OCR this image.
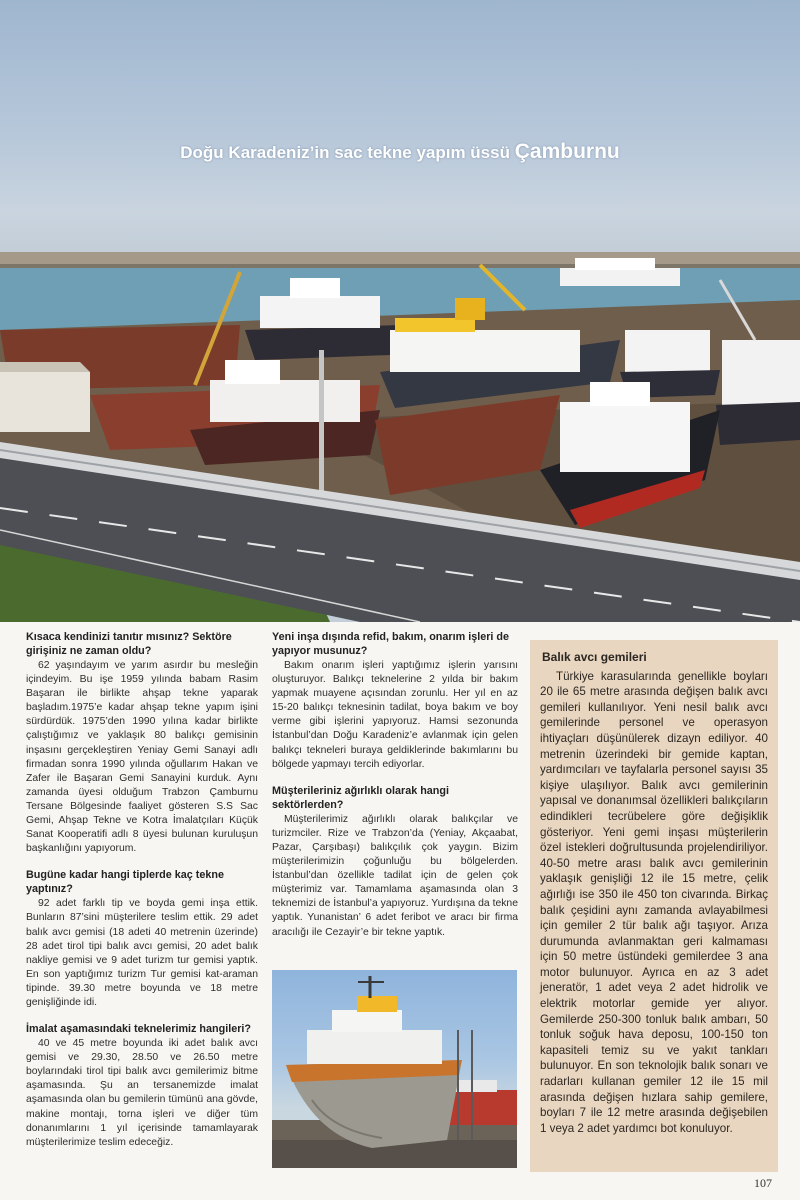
Doğu Karadeniz’in sac tekne yapım üssü Çamburnu
Kısaca kendinizi tanıtır mısınız? Sektöre girişiniz ne zaman oldu?

62 yaşındayım ve yarım asırdır bu mesleğin içindeyim. Bu işe 1959 yılında babam Rasim Başaran ile birlikte ahşap tekne yaparak başladım.1975’e kadar ahşap tekne yapım işini sürdürdük. 1975’den 1990 yılına kadar birlikte çalıştığımız ve yaklaşık 80 balıkçı gemisinin inşasını gerçekleştiren Yeniay Gemi Sanayi adlı firmadan sonra 1990 yılında oğullarım Hakan ve Zafer ile Başaran Gemi Sanayini kurduk. Aynı zamanda üyesi olduğum Trabzon Çamburnu Tersane Bölgesinde faaliyet gösteren S.S Sac Gemi, Ahşap Tekne ve Kotra İmalatçıları Küçük Sanat Kooperatifi adlı 8 üyesi bulunan kuruluşun başkanlığını yapıyorum.

Bugüne kadar hangi tiplerde kaç tekne yaptınız?

92 adet farklı tip ve boyda gemi inşa ettik. Bunların 87’sini müşterilere teslim ettik. 29 adet balık avcı gemisi (18 adeti 40 metrenin üzerinde) 28 adet tirol tipi balık avcı gemisi, 20 adet balık nakliye gemisi ve 9 adet turizm tur gemisi yaptık. En son yaptığımız turizm Tur gemisi kat-araman tipinde. 39.30 metre boyunda ve 18 metre genişliğinde idi.

İmalat aşamasındaki teknelerimiz hangileri?

40 ve 45 metre boyunda iki adet balık avcı gemisi ve 29.30, 28.50 ve 26.50 metre boylarındaki tirol tipi balık avcı gemilerimiz bitme aşamasında. Şu an tersanemizde imalat aşamasında olan bu gemilerin tümünü ana gövde, makine montajı, torna işleri ve diğer tüm donanımlarını 1 yıl içerisinde tamamlayarak müşterilerimize teslim edeceğiz.

Yeni inşa dışında refid, bakım, onarım işleri de yapıyor musunuz?

Bakım onarım işleri yaptığımız işlerin yarısını oluşturuyor. Balıkçı teknelerine 2 yılda bir bakım yapmak muayene açısından zorunlu. Her yıl en az 15-20 balıkçı teknesinin tadilat, boya bakım ve boy verme gibi işlerini yapıyoruz. Hamsi sezonunda İstanbul’dan Doğu Karadeniz’e avlanmak için gelen balıkçı tekneleri buraya geldiklerinde bakımlarını bu bölgede yapmayı tercih ediyorlar.

Müşterileriniz ağırlıklı olarak hangi sektörlerden?

Müşterilerimiz ağırlıklı olarak balıkçılar ve turizmciler. Rize ve Trabzon’da (Yeniay, Akçaabat, Pazar, Çarşıbaşı) balıkçılık çok yaygın. Bizim müşterilerimizin çoğunluğu bu bölgelerden. İstanbul’dan özellikle tadilat için de gelen çok müşterimiz var. Tamamlama aşamasında olan 3 teknemizi de İstanbul’a yapıyoruz. Yurdışına da tekne yaptık. Yunanistan’ 6 adet feribot ve aracı bir firma aracılığı ile Cezayir’e bir tekne yaptık.

Balık avcı gemileri

Türkiye karasularında genellikle boyları 20 ile 65 metre arasında değişen balık avcı gemileri kullanılıyor. Yeni nesil balık avcı gemilerinde personel ve operasyon ihtiyaçları düşünülerek dizayn ediliyor. 40 metrenin üzerindeki bir gemide kaptan, yardımcıları ve tayfalarla personel sayısı 35 kişiye ulaşılıyor. Balık avcı gemilerinin yapısal ve donanımsal özellikleri balıkçıların edindikleri tecrübelere göre değişiklik gösteriyor. Yeni gemi inşası müşterilerin özel istekleri doğrultusunda projelendiriliyor. 40-50 metre arası balık avcı gemilerinin yaklaşık genişliği 12 ile 15 metre, çelik ağırlığı ise 350 ile 450 ton civarında. Birkaç balık çeşidini aynı zamanda avlayabilmesi için gemiler 2 tür balık ağı taşıyor. Arıza durumunda avlanmaktan geri kalmaması için 50 metre üstündeki gemilerdee 3 ana motor bulunuyor. Ayrıca en az 3 adet jeneratör, 1 adet veya 2 adet hidrolik ve elektrik motorlar gemide yer alıyor. Gemilerde 250-300 tonluk balık ambarı, 50 tonluk soğuk hava deposu, 100-150 ton kapasiteli temiz su ve yakıt tankları bulunuyor. En son teknolojik balık sonarı ve radarları kullanan gemiler 12 ile 15 mil arasında değişen hızlara sahip gemilere, boyları 7 ile 12 metre arasında değişebilen 1 veya 2 adet yardımcı bot konuluyor.

107
